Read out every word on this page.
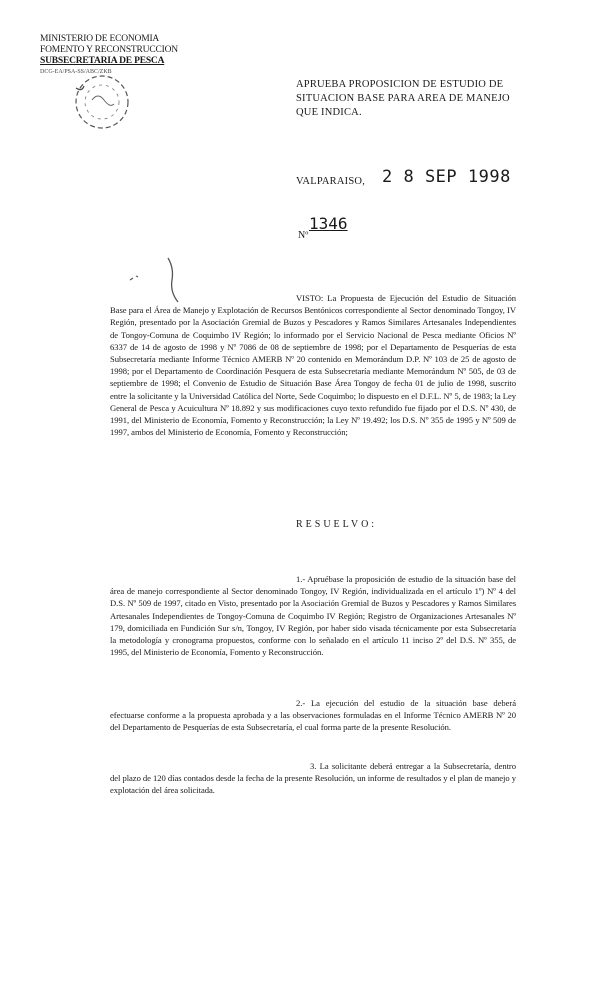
MINISTERIO DE ECONOMIA
FOMENTO Y RECONSTRUCCION
SUBSECRETARIA DE PESCA
DCG-EA/PSA-SS/ABC/ZKB
APRUEBA PROPOSICION DE ESTUDIO DE
SITUACION BASE PARA AREA DE MANEJO
QUE INDICA.
VALPARAISO, 2 8 SEP 1998
Nº
1346
VISTO: La Propuesta de Ejecución del Estudio de Situación Base para el Área de Manejo y Explotación de Recursos Bentónicos correspondiente al Sector denominado Tongoy, IV Región, presentado por la Asociación Gremial de Buzos y Pescadores y Ramos Similares Artesanales Independientes de Tongoy-Comuna de Coquimbo IV Región; lo informado por el Servicio Nacional de Pesca mediante Oficios Nº 6337 de 14 de agosto de 1998 y Nº 7086 de 08 de septiembre de 1998; por el Departamento de Pesquerías de esta Subsecretaría mediante Informe Técnico AMERB Nº 20 contenido en Memorándum D.P. Nº 103 de 25 de agosto de 1998; por el Departamento de Coordinación Pesquera de esta Subsecretaría mediante Memorándum Nº 505, de 03 de septiembre de 1998; el Convenio de Estudio de Situación Base Área Tongoy de fecha 01 de julio de 1998, suscrito entre la solicitante y la Universidad Católica del Norte, Sede Coquimbo; lo dispuesto en el D.F.L. Nº 5, de 1983; la Ley General de Pesca y Acuicultura Nº 18.892 y sus modificaciones cuyo texto refundido fue fijado por el D.S. Nº 430, de 1991, del Ministerio de Economía, Fomento y Reconstrucción; la Ley Nº 19.492; los D.S. Nº 355 de 1995 y Nº 509 de 1997, ambos del Ministerio de Economía, Fomento y Reconstrucción;
RESUELVO:
1.- Apruébase la proposición de estudio de la situación base del área de manejo correspondiente al Sector denominado Tongoy, IV Región, individualizada en el artículo 1º) Nº 4 del D.S. Nº 509 de 1997, citado en Visto, presentado por la Asociación Gremial de Buzos y Pescadores y Ramos Similares Artesanales Independientes de Tongoy-Comuna de Coquimbo IV Región; Registro de Organizaciones Artesanales Nº 179, domiciliada en Fundición Sur s/n, Tongoy, IV Región, por haber sido visada técnicamente por esta Subsecretaría la metodología y cronograma propuestos, conforme con lo señalado en el artículo 11 inciso 2º del D.S. Nº 355, de 1995, del Ministerio de Economía, Fomento y Reconstrucción.
2.- La ejecución del estudio de la situación base deberá efectuarse conforme a la propuesta aprobada y a las observaciones formuladas en el Informe Técnico AMERB Nº 20 del Departamento de Pesquerías de esta Subsecretaría, el cual forma parte de la presente Resolución.
3. La solicitante deberá entregar a la Subsecretaría, dentro del plazo de 120 días contados desde la fecha de la presente Resolución, un informe de resultados y el plan de manejo y explotación del área solicitada.
